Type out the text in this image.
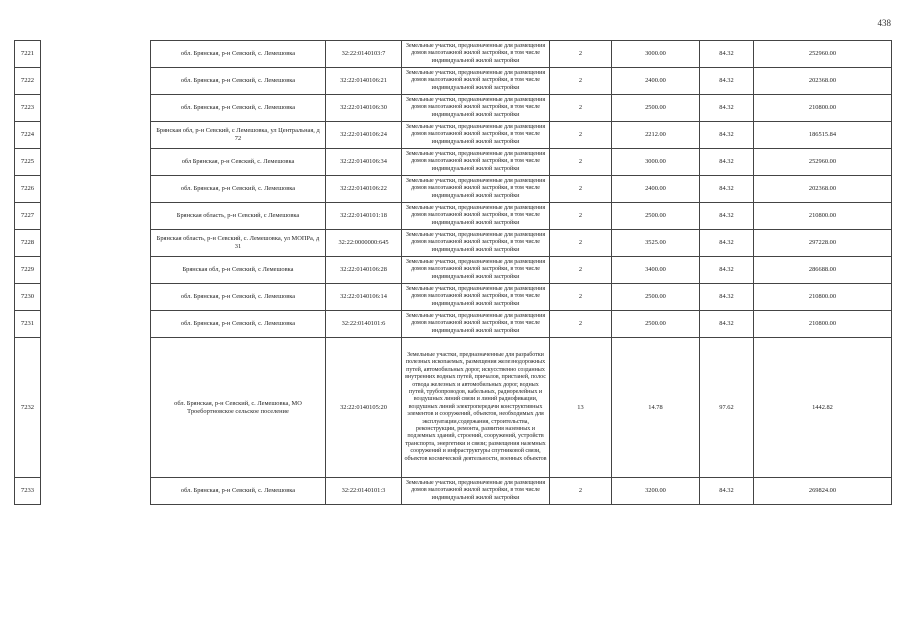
438
7221		обл. Брянская, р-н Севский, с. Лемешовка	32:22:0140103:7	Земельные участки, предназначенные для размещения домов малоэтажной жилой застройки, в том числе индивидуальной жилой застройки	2	3000.00	84.32	252960.00
7222		обл. Брянская, р-н Севский, с. Лемешовка	32:22:0140106:21	Земельные участки, предназначенные для размещения домов малоэтажной жилой застройки, в том числе индивидуальной жилой застройки	2	2400.00	84.32	202368.00
7223		обл. Брянская, р-н Севский, с. Лемешовка	32:22:0140106:30	Земельные участки, предназначенные для размещения домов малоэтажной жилой застройки, в том числе индивидуальной жилой застройки	2	2500.00	84.32	210800.00
7224		Брянская обл, р-н Севский, с Лемешовка, ул Центральная, д 72	32:22:0140106:24	Земельные участки, предназначенные для размещения домов малоэтажной жилой застройки, в том числе индивидуальной жилой застройки	2	2212.00	84.32	186515.84
7225		обл Брянская, р-н Севский, с. Лемешовка	32:22:0140106:34	Земельные участки, предназначенные для размещения домов малоэтажной жилой застройки, в том числе индивидуальной жилой застройки	2	3000.00	84.32	252960.00
7226		обл. Брянская, р-н Севский, с. Лемешовка	32:22:0140106:22	Земельные участки, предназначенные для размещения домов малоэтажной жилой застройки, в том числе индивидуальной жилой застройки	2	2400.00	84.32	202368.00
7227		Брянская область, р-н Севский, с Лемешовка	32:22:0140101:18	Земельные участки, предназначенные для размещения домов малоэтажной жилой застройки, в том числе индивидуальной жилой застройки	2	2500.00	84.32	210800.00
7228		Брянская область, р-н Севский, с. Лемешовка, ул МОПРа, д 31	32:22:0000000:645	Земельные участки, предназначенные для размещения домов малоэтажной жилой застройки, в том числе индивидуальной жилой застройки	2	3525.00	84.32	297228.00
7229		Брянская обл, р-н Севский, с Лемешовка	32:22:0140106:28	Земельные участки, предназначенные для размещения домов малоэтажной жилой застройки, в том числе индивидуальной жилой застройки	2	3400.00	84.32	286688.00
7230		обл. Брянская, р-н Севский, с. Лемешовка	32:22:0140106:14	Земельные участки, предназначенные для размещения домов малоэтажной жилой застройки, в том числе индивидуальной жилой застройки	2	2500.00	84.32	210800.00
7231		обл. Брянская, р-н Севский, с. Лемешовка	32:22:0140101:6	Земельные участки, предназначенные для размещения домов малоэтажной жилой застройки, в том числе индивидуальной жилой застройки	2	2500.00	84.32	210800.00
7232		обл. Брянская, р-н Севский, с. Лемешовка, МО Троебортновское сельское поселение	32:22:0140105:20	Земельные участки, предназначенные для разработки полезных ископаемых, размещения железнодорожных путей, автомобильных дорог, искусственно созданных внутренних водных путей, причалов, пристаней, полос отвода железных и автомобильных дорог, водных путей, трубопроводов, кабельных, радиорелейных и воздушных линий связи и линий радиофикации, воздушных линий электропередачи конструктивных элементов и сооружений, объектов, необходимых для эксплуатации,содержания, строительства, реконструкции, ремонта, развития наземных и подземных зданий, строений, сооружений, устройств транспорта, энергетики и связи; размещения наземных сооружений и инфраструктуры спутниковой связи, объектов космической деятельности, военных объектов	13	14.78	97.62	1442.82
7233		обл. Брянская, р-н Севский, с. Лемешовка	32:22:0140101:3	Земельные участки, предназначенные для размещения домов малоэтажной жилой застройки, в том числе индивидуальной жилой застройки	2	3200.00	84.32	269824.00
